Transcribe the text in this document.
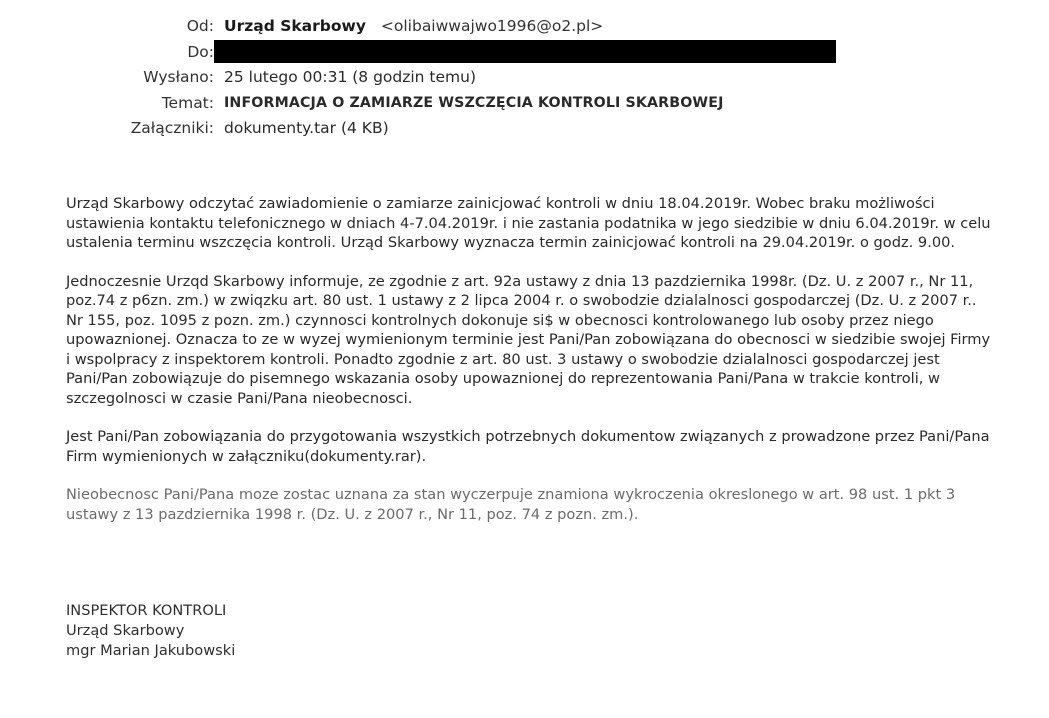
Od: Urząd Skarbowy <olibaiwwajwo1996@o2.pl>
Do:
Wysłano: 25 lutego 00:31 (8 godzin temu)
Temat: INFORMACJA O ZAMIARZE WSZCZĘCIA KONTROLI SKARBOWEJ
Załączniki: dokumenty.tar (4 KB)

Urząd Skarbowy odczytać zawiadomienie o zamiarze zainicjować kontroli w dniu 18.04.2019r. Wobec braku możliwości ustawienia kontaktu telefonicznego w dniach 4-7.04.2019r. i nie zastania podatnika w jego siedzibie w dniu 6.04.2019r. w celu ustalenia terminu wszczęcia kontroli. Urząd Skarbowy wyznacza termin zainicjować kontroli na 29.04.2019r. o godz. 9.00.

Jednoczesnie Urzqd Skarbowy informuje, ze zgodnie z art. 92a ustawy z dnia 13 pazdziernika 1998r. (Dz. U. z 2007 r., Nr 11, poz.74 z p6zn. zm.) w zwiqzku art. 80 ust. 1 ustawy z 2 lipca 2004 r. o swobodzie dzialalnosci gospodarczej (Dz. U. z 2007 r.. Nr 155, poz. 1095 z pozn. zm.) czynnosci kontrolnych dokonuje si$ w obecnosci kontrolowanego lub osoby przez niego upowaznionej. Oznacza to ze w wyzej wymienionym terminie jest Pani/Pan zobowiązana do obecnosci w siedzibie swojej Firmy i wspolpracy z inspektorem kontroli. Ponadto zgodnie z art. 80 ust. 3 ustawy o swobodzie dzialalnosci gospodarczej jest Pani/Pan zobowiązuje do pisemnego wskazania osoby upowaznionej do reprezentowania Pani/Pana w trakcie kontroli, w szczegolnosci w czasie Pani/Pana nieobecnosci.

Jest Pani/Pan zobowiązania do przygotowania wszystkich potrzebnych dokumentow związanych z prowadzone przez Pani/Pana Firm wymienionych w załączniku(dokumenty.rar).

Nieobecnosc Pani/Pana moze zostac uznana za stan wyczerpuje znamiona wykroczenia okreslonego w art. 98 ust. 1 pkt 3 ustawy z 13 pazdziernika 1998 r. (Dz. U. z 2007 r., Nr 11, poz. 74 z pozn. zm.).

INSPEKTOR KONTROLI
Urząd Skarbowy
mgr Marian Jakubowski
